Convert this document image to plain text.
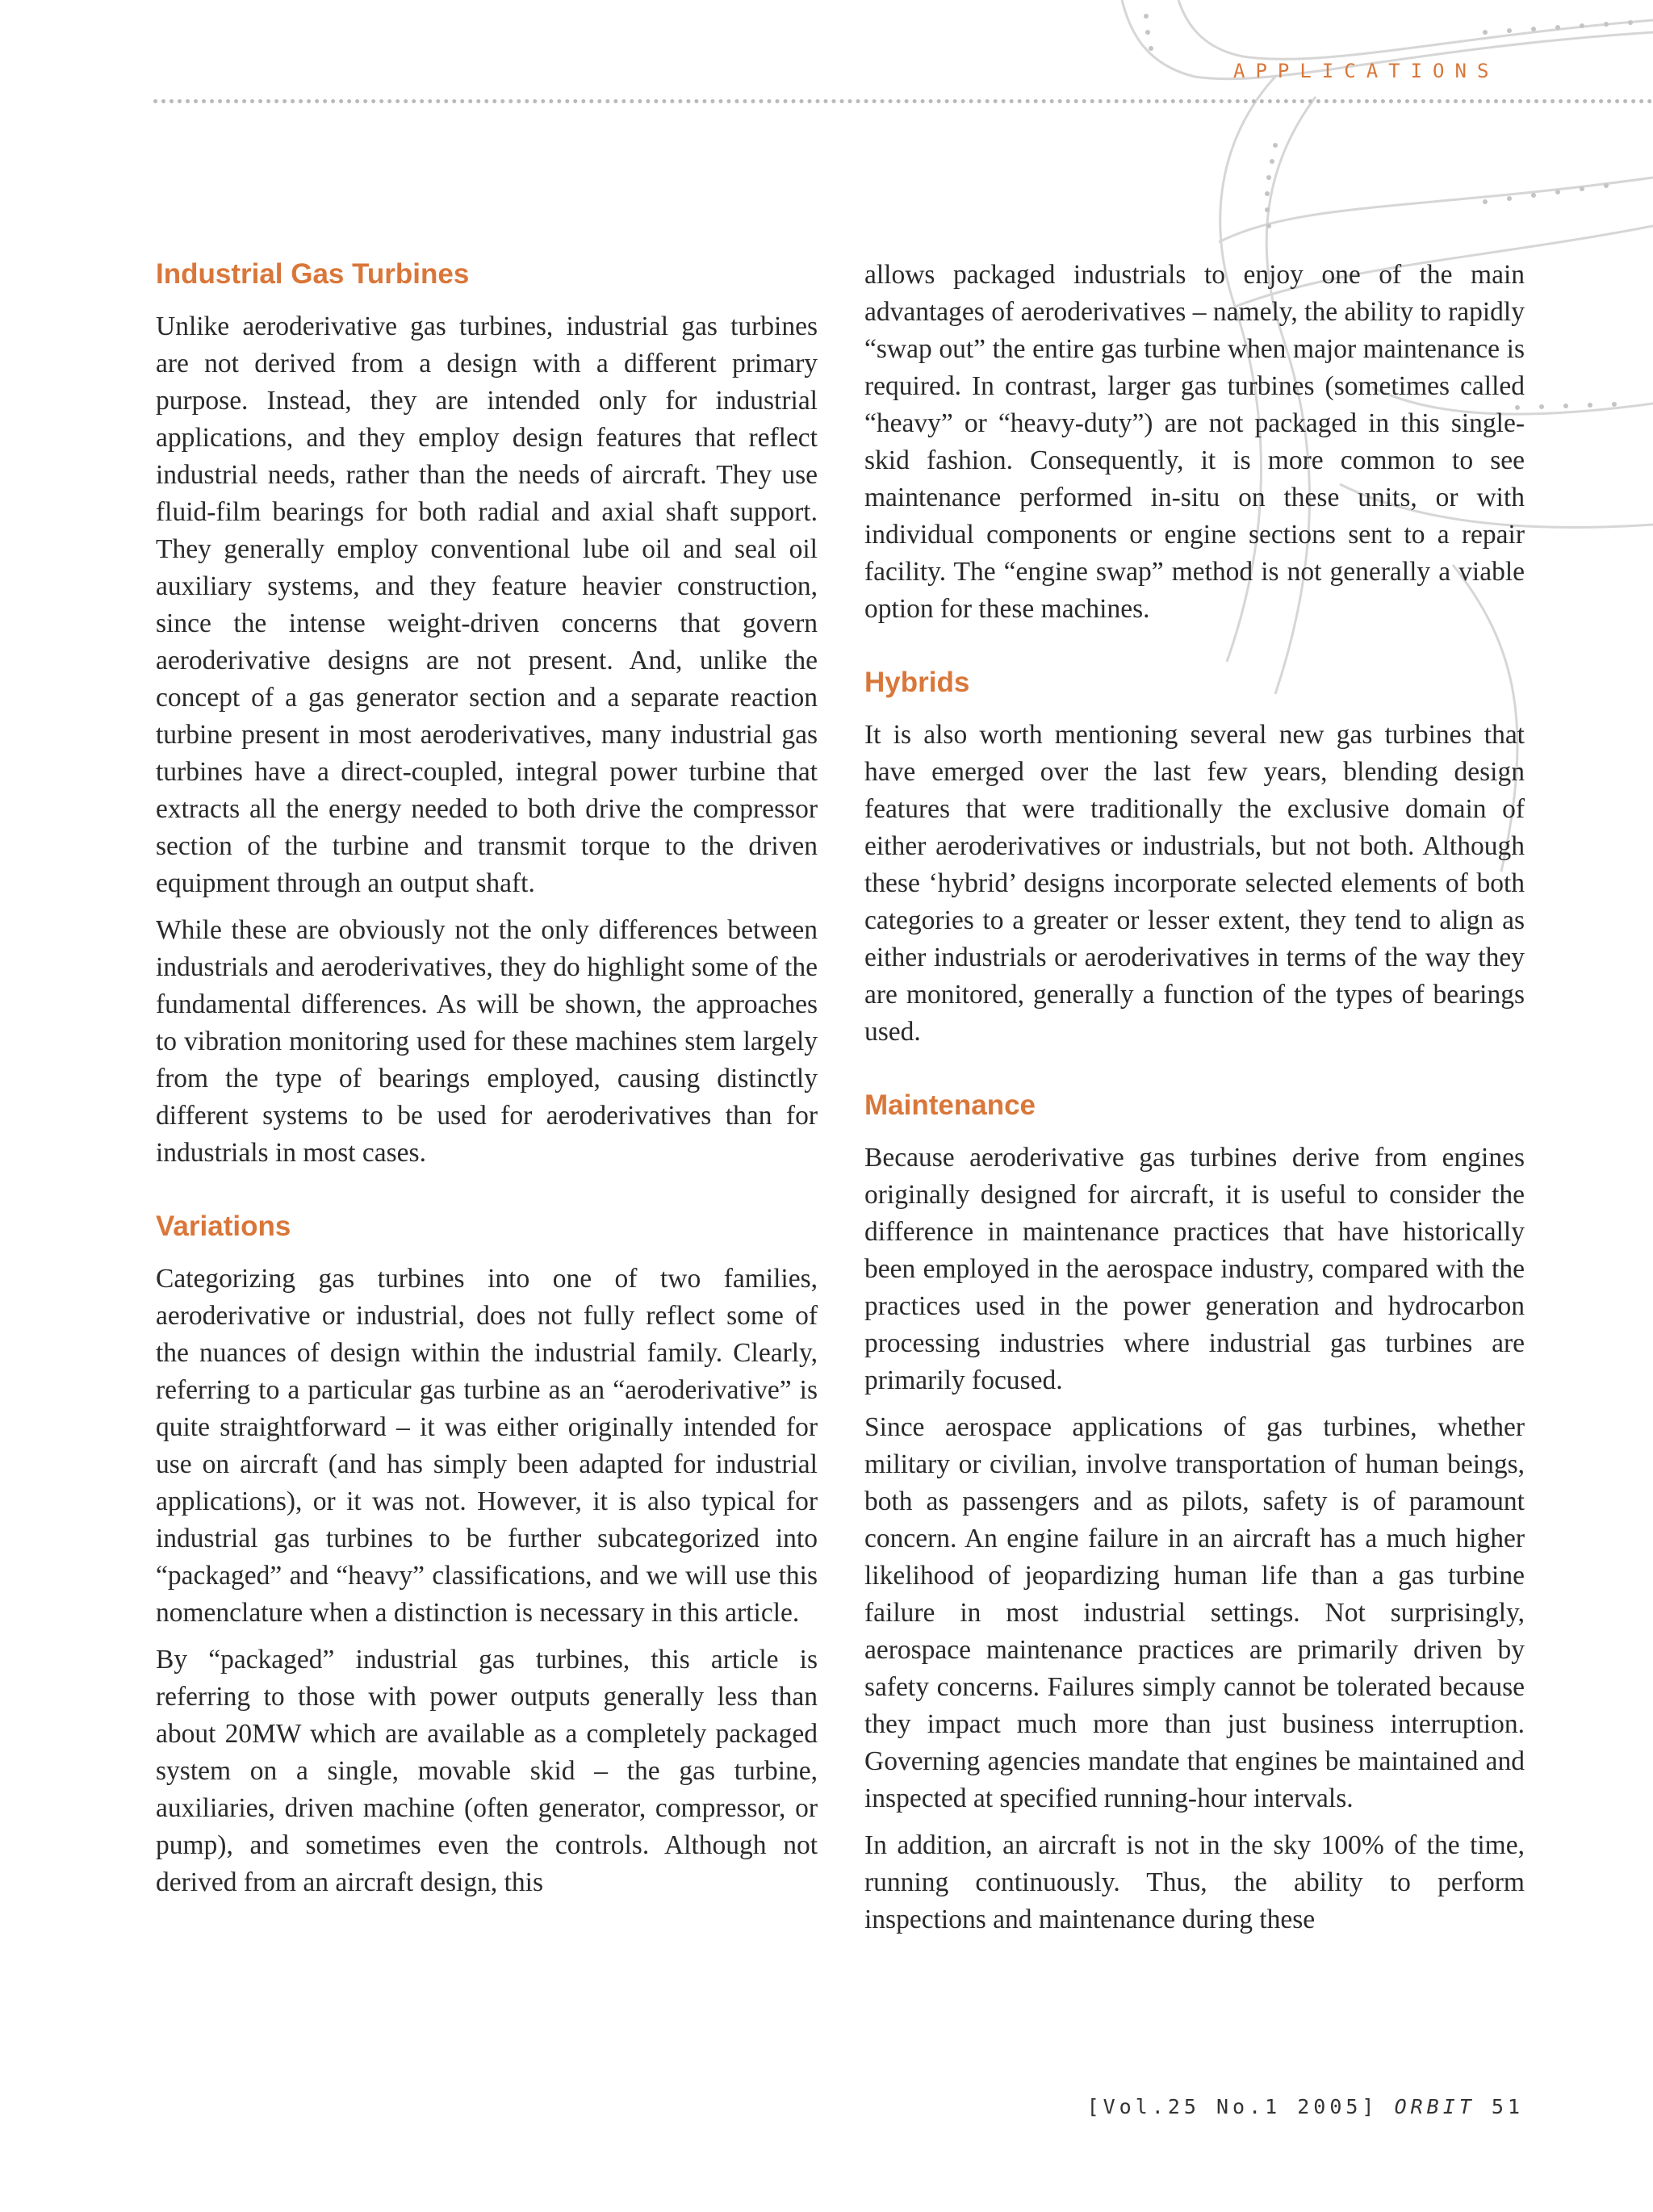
APPLICATIONS
Industrial Gas Turbines

Unlike aeroderivative gas turbines, industrial gas turbines are not derived from a design with a different primary purpose. Instead, they are intended only for industrial applications, and they employ design features that reflect industrial needs, rather than the needs of aircraft. They use fluid-film bearings for both radial and axial shaft support. They generally employ conventional lube oil and seal oil auxiliary systems, and they feature heavier construction, since the intense weight-driven concerns that govern aeroderivative designs are not present. And, unlike the concept of a gas generator section and a separate reaction turbine present in most aeroderivatives, many industrial gas turbines have a direct-coupled, integral power turbine that extracts all the energy needed to both drive the compressor section of the turbine and transmit torque to the driven equipment through an output shaft.

While these are obviously not the only differences between industrials and aeroderivatives, they do highlight some of the fundamental differences. As will be shown, the approaches to vibration monitoring used for these machines stem largely from the type of bearings employed, causing distinctly different systems to be used for aeroderivatives than for industrials in most cases.

Variations

Categorizing gas turbines into one of two families, aeroderivative or industrial, does not fully reflect some of the nuances of design within the industrial family. Clearly, referring to a particular gas turbine as an “aeroderivative” is quite straightforward – it was either originally intended for use on aircraft (and has simply been adapted for industrial applications), or it was not. However, it is also typical for industrial gas turbines to be further subcategorized into “packaged” and “heavy” classifications, and we will use this nomenclature when a distinction is necessary in this article.

By “packaged” industrial gas turbines, this article is referring to those with power outputs generally less than about 20MW which are available as a completely packaged system on a single, movable skid – the gas turbine, auxiliaries, driven machine (often generator, compressor, or pump), and sometimes even the controls. Although not derived from an aircraft design, this

allows packaged industrials to enjoy one of the main advantages of aeroderivatives – namely, the ability to rapidly “swap out” the entire gas turbine when major maintenance is required. In contrast, larger gas turbines (sometimes called “heavy” or “heavy-duty”) are not packaged in this single-skid fashion. Consequently, it is more common to see maintenance performed in-situ on these units, or with individual components or engine sections sent to a repair facility. The “engine swap” method is not generally a viable option for these machines.

Hybrids

It is also worth mentioning several new gas turbines that have emerged over the last few years, blending design features that were traditionally the exclusive domain of either aeroderivatives or industrials, but not both. Although these ‘hybrid’ designs incorporate selected elements of both categories to a greater or lesser extent, they tend to align as either industrials or aeroderivatives in terms of the way they are monitored, generally a function of the types of bearings used.

Maintenance

Because aeroderivative gas turbines derive from engines originally designed for aircraft, it is useful to consider the difference in maintenance practices that have historically been employed in the aerospace industry, compared with the practices used in the power generation and hydrocarbon processing industries where industrial gas turbines are primarily focused.

Since aerospace applications of gas turbines, whether military or civilian, involve transportation of human beings, both as passengers and as pilots, safety is of paramount concern. An engine failure in an aircraft has a much higher likelihood of jeopardizing human life than a gas turbine failure in most industrial settings. Not surprisingly, aerospace maintenance practices are primarily driven by safety concerns. Failures simply cannot be tolerated because they impact much more than just business interruption. Governing agencies mandate that engines be maintained and inspected at specified running-hour intervals.

In addition, an aircraft is not in the sky 100% of the time, running continuously. Thus, the ability to perform inspections and maintenance during these

[Vol.25 No.1 2005] ORBIT 51
